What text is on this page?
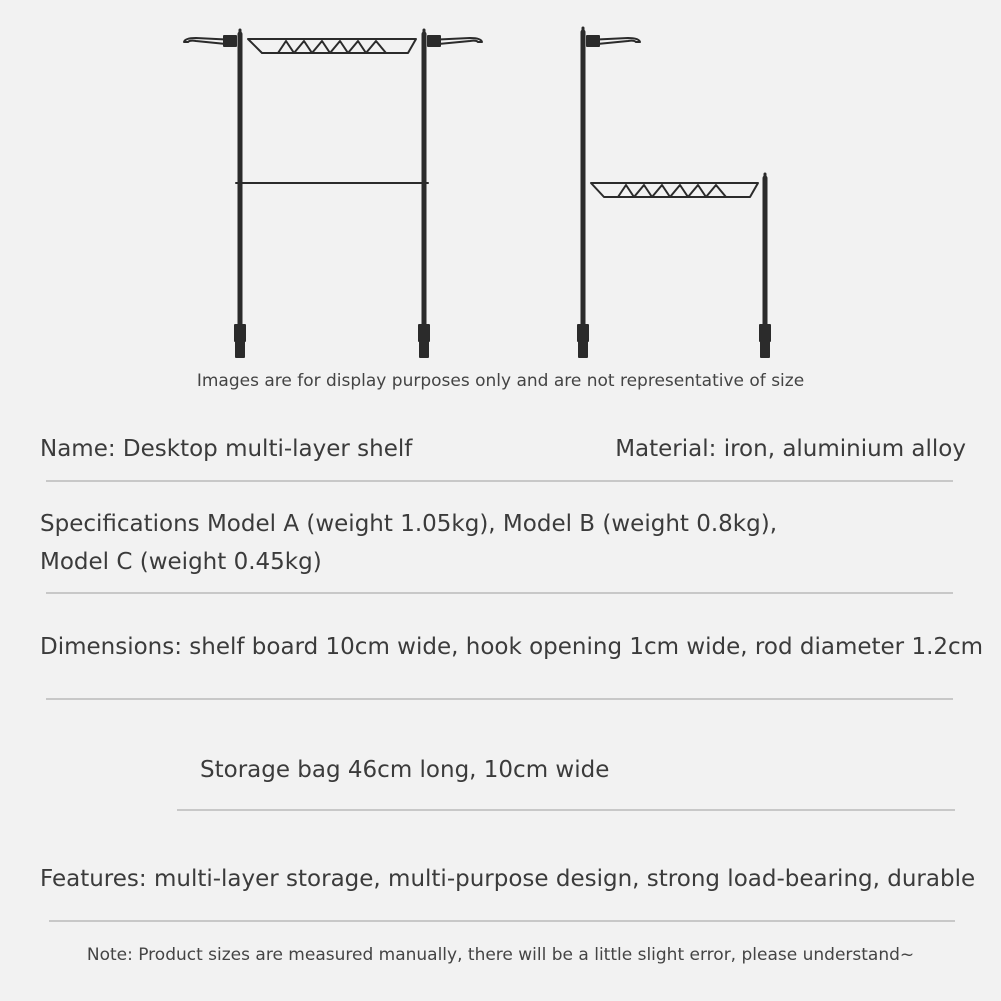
Images are for display purposes only and are not representative of size
Name: Desktop multi-layer shelf	Material: iron, aluminium alloy
Specifications Model A (weight 1.05kg), Model B (weight 0.8kg),
Model C (weight 0.45kg)
Dimensions: shelf board 10cm wide, hook opening 1cm wide, rod diameter 1.2cm
Storage bag 46cm long, 10cm wide
Features: multi-layer storage, multi-purpose design, strong load-bearing, durable
Note: Product sizes are measured manually, there will be a little slight error, please understand~
